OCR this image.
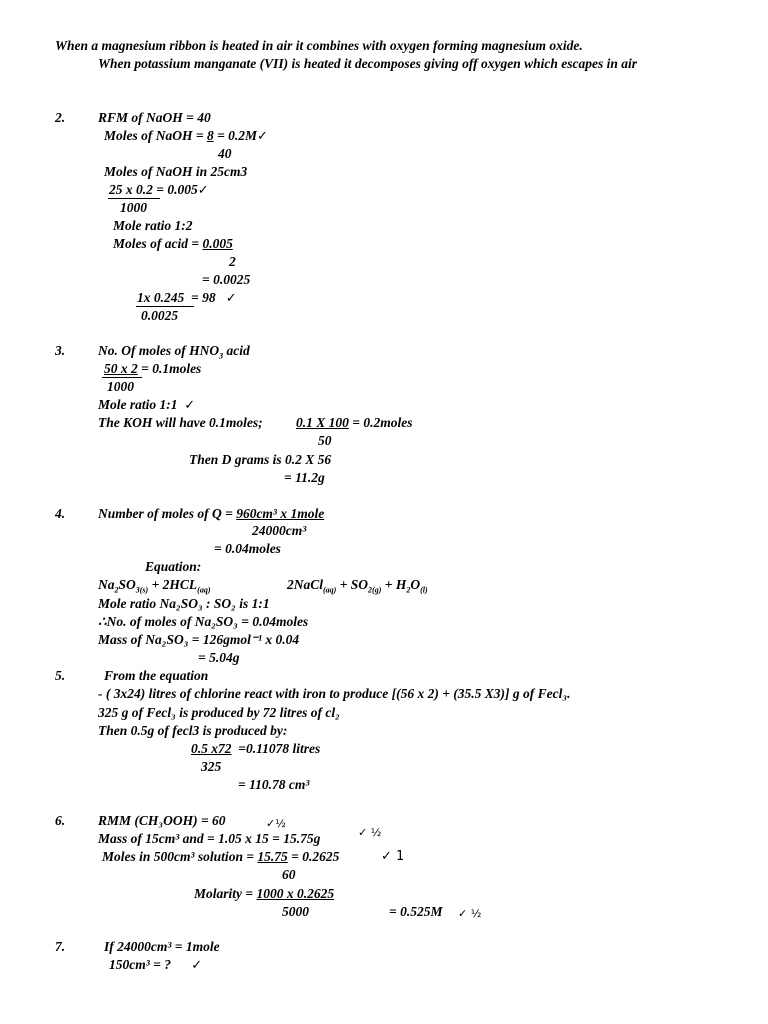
When a magnesium ribbon is heated in air it combines with oxygen forming magnesium oxide.
When potassium manganate (VII) is heated it decomposes giving off oxygen which escapes in air
2. RFM of NaOH = 40
Moles of NaOH = 8 = 0.2M✓
40
Moles of NaOH in 25cm3
25 x 0.2 = 0.005✓
1000
Mole ratio 1:2
Moles of acid = 0.005
2
= 0.0025
1x 0.245 = 98 ✓
0.0025
3. No. Of moles of $HNO_3$ acid
50 x 2 = 0.1moles
1000
Mole ratio 1:1 ✓
The KOH will have 0.1moles; 0.1 X 100 = 0.2moles
50
Then D grams is 0.2 X 56
= 11.2g
4. Number of moles of Q = 960cm³ x 1mole
24000cm³
= 0.04moles
Equation:
$Na_2SO_{3(s)} + 2HCL_{(aq)}$	2NaCl$_{(aq)}$ + $SO_{2(g)} + H_2O_{(l)}$
Mole ratio Na₂SO₃ : SO₂ is 1:1
∴No. of moles of Na₂SO₃ = 0.04moles
Mass of Na₂SO₃ = 126gmol⁻¹ x 0.04
= 5.04g
5.	From the equation
- ( 3x24) litres of chlorine react with iron to produce [(56 x 2) + (35.5 X3)] g of Fecl₃.
325 g of Fecl₃ is produced by 72 litres of cl₂
Then 0.5g of fecl3 is produced by:
0.5 x72 =0.11078 litres
325
= 110.78 cm³
6. RMM (CH₃OOH) = 60	✓½
Mass of 15cm³ and = 1.05 x 15 = 15.75g	✓ ½
Moles in 500cm³ solution = 15.75 = 0.2625	✓ 1
60
Molarity = 1000 x 0.2625
5000	= 0.525M ✓ ½
7.	If 24000cm³ = 1mole
150cm³ = ? ✓
